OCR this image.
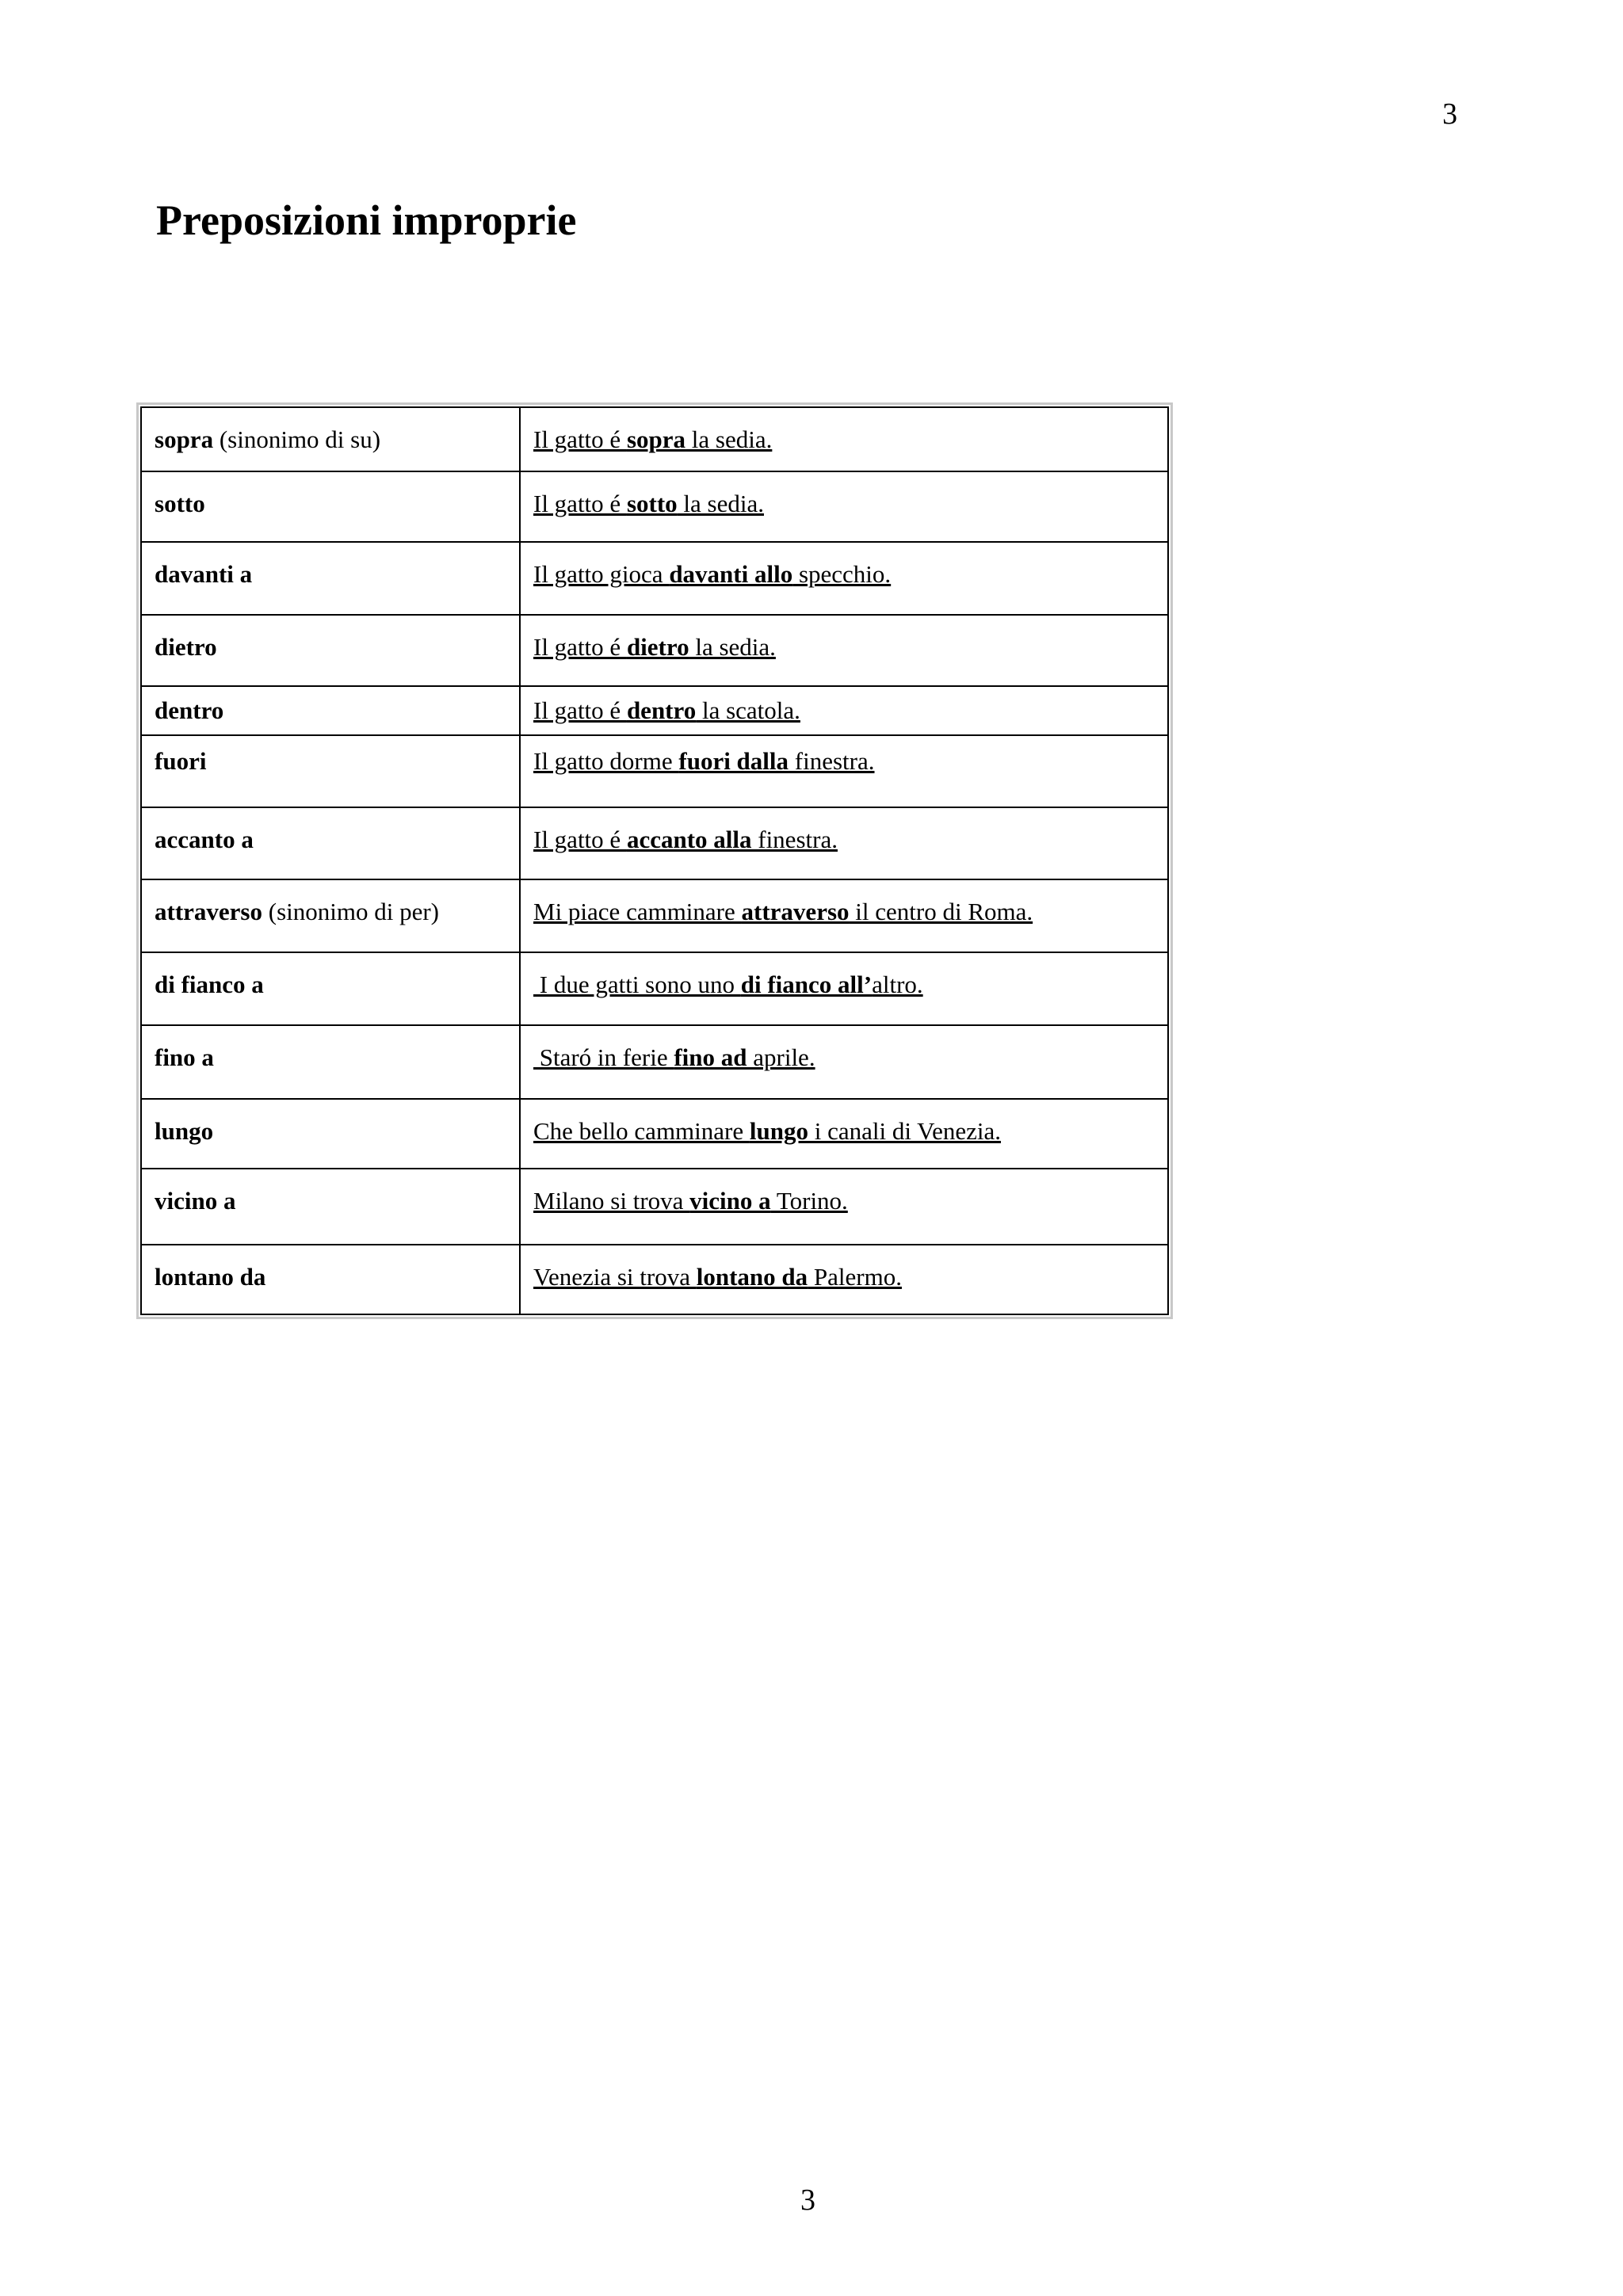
3
Preposizioni improprie
sopra (sinonimo di su)	Il gatto é sopra la sedia.
sotto	Il gatto é sotto la sedia.
davanti a	Il gatto gioca davanti allo specchio.
dietro	Il gatto é dietro la sedia.
dentro	Il gatto é dentro la scatola.
fuori	Il gatto dorme fuori dalla finestra.
accanto a	Il gatto é accanto alla finestra.
attraverso (sinonimo di per)	Mi piace camminare attraverso il centro di Roma.
di fianco a	I due gatti sono uno di fianco all’altro.
fino a	Staró in ferie fino ad aprile.
lungo	Che bello camminare lungo i canali di Venezia.
vicino a	Milano si trova vicino a Torino.
lontano da	Venezia si trova lontano da Palermo.
3
